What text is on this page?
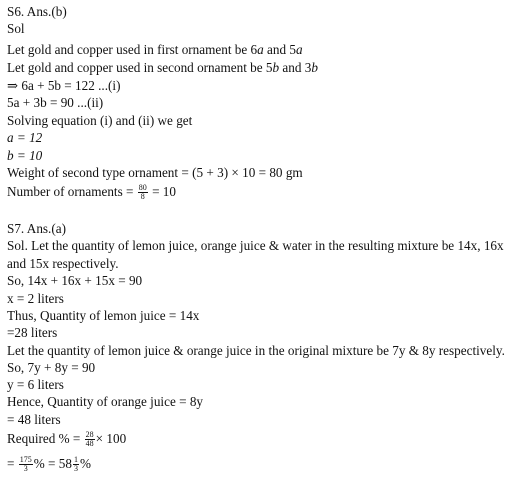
S6. Ans.(b)
Sol
Let gold and copper used in first ornament be 6a and 5a
Let gold and copper used in second ornament be 5b and 3b
⇒ 6a + 5b = 122 ...(i)
5a + 3b = 90 ...(ii)
Solving equation (i) and (ii) we get
a = 12
b = 10
Weight of second type ornament = (5 + 3) × 10 = 80 gm
Number of ornaments = $\frac{80}{8} = 10$
S7. Ans.(a)
Sol. Let the quantity of lemon juice, orange juice & water in the resulting mixture be 14x, 16x
and 15x respectively.
So, 14x + 16x + 15x = 90
x = 2 liters
Thus, Quantity of lemon juice = 14x
=28 liters
Let the quantity of lemon juice & orange juice in the original mixture be 7y & 8y respectively.
So, 7y + 8y = 90
y = 6 liters
Hence, Quantity of orange juice = 8y
= 48 liters
Required % = $\frac{28}{48} \times 100$
= $\frac{175}{3}$ % = $58 \frac{1}{3}$ %
